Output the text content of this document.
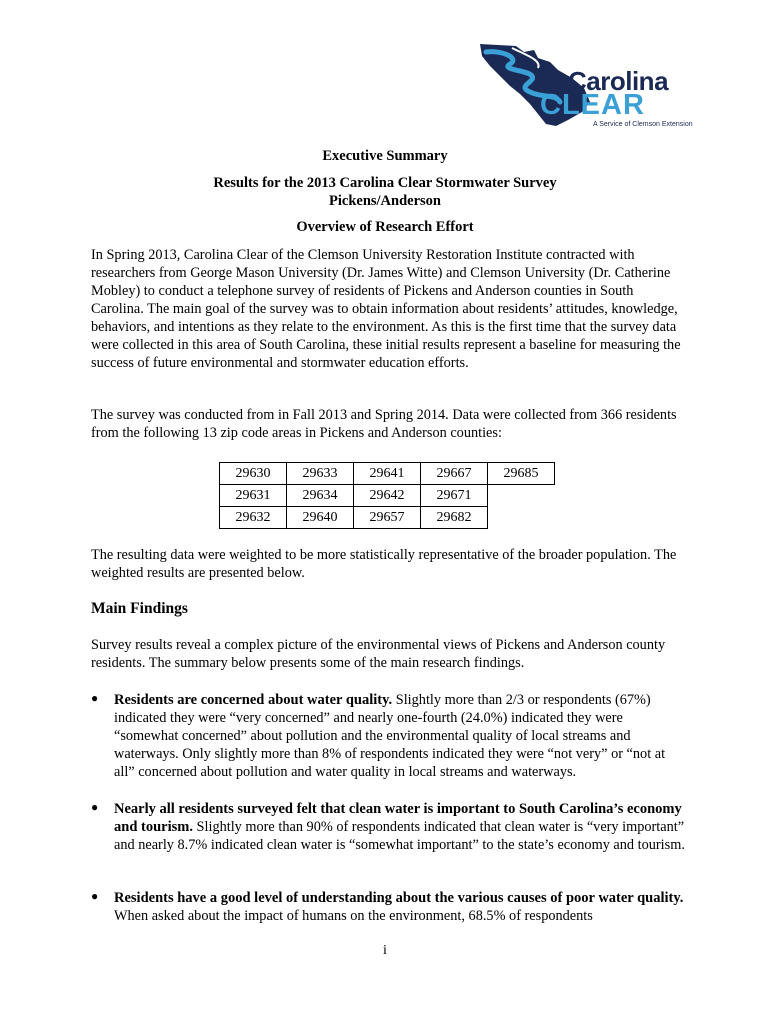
Carolina
CLEAR
A Service of Clemson Extension
Executive Summary
Results for the 2013 Carolina Clear Stormwater Survey
Pickens/Anderson
Overview of Research Effort

In Spring 2013, Carolina Clear of the Clemson University Restoration Institute contracted with researchers from George Mason University (Dr. James Witte) and Clemson University (Dr. Catherine Mobley) to conduct a telephone survey of residents of Pickens and Anderson counties in South Carolina. The main goal of the survey was to obtain information about residents’ attitudes, knowledge, behaviors, and intentions as they relate to the environment. As this is the first time that the survey data were collected in this area of South Carolina, these initial results represent a baseline for measuring the success of future environmental and stormwater education efforts.

The survey was conducted from in Fall 2013 and Spring 2014. Data were collected from 366 residents from the following 13 zip code areas in Pickens and Anderson counties:

29630	29633	29641	29667	29685
29631	29634	29642	29671	
29632	29640	29657	29682	

The resulting data were weighted to be more statistically representative of the broader population. The weighted results are presented below.

Main Findings

Survey results reveal a complex picture of the environmental views of Pickens and Anderson county residents. The summary below presents some of the main research findings.

● Residents are concerned about water quality. Slightly more than 2/3 or respondents (67%) indicated they were “very concerned” and nearly one-fourth (24.0%) indicated they were “somewhat concerned” about pollution and the environmental quality of local streams and waterways. Only slightly more than 8% of respondents indicated they were “not very” or “not at all” concerned about pollution and water quality in local streams and waterways.

● Nearly all residents surveyed felt that clean water is important to South Carolina’s economy and tourism. Slightly more than 90% of respondents indicated that clean water is “very important” and nearly 8.7% indicated clean water is “somewhat important” to the state’s economy and tourism.

● Residents have a good level of understanding about the various causes of poor water quality. When asked about the impact of humans on the environment, 68.5% of respondents

i
